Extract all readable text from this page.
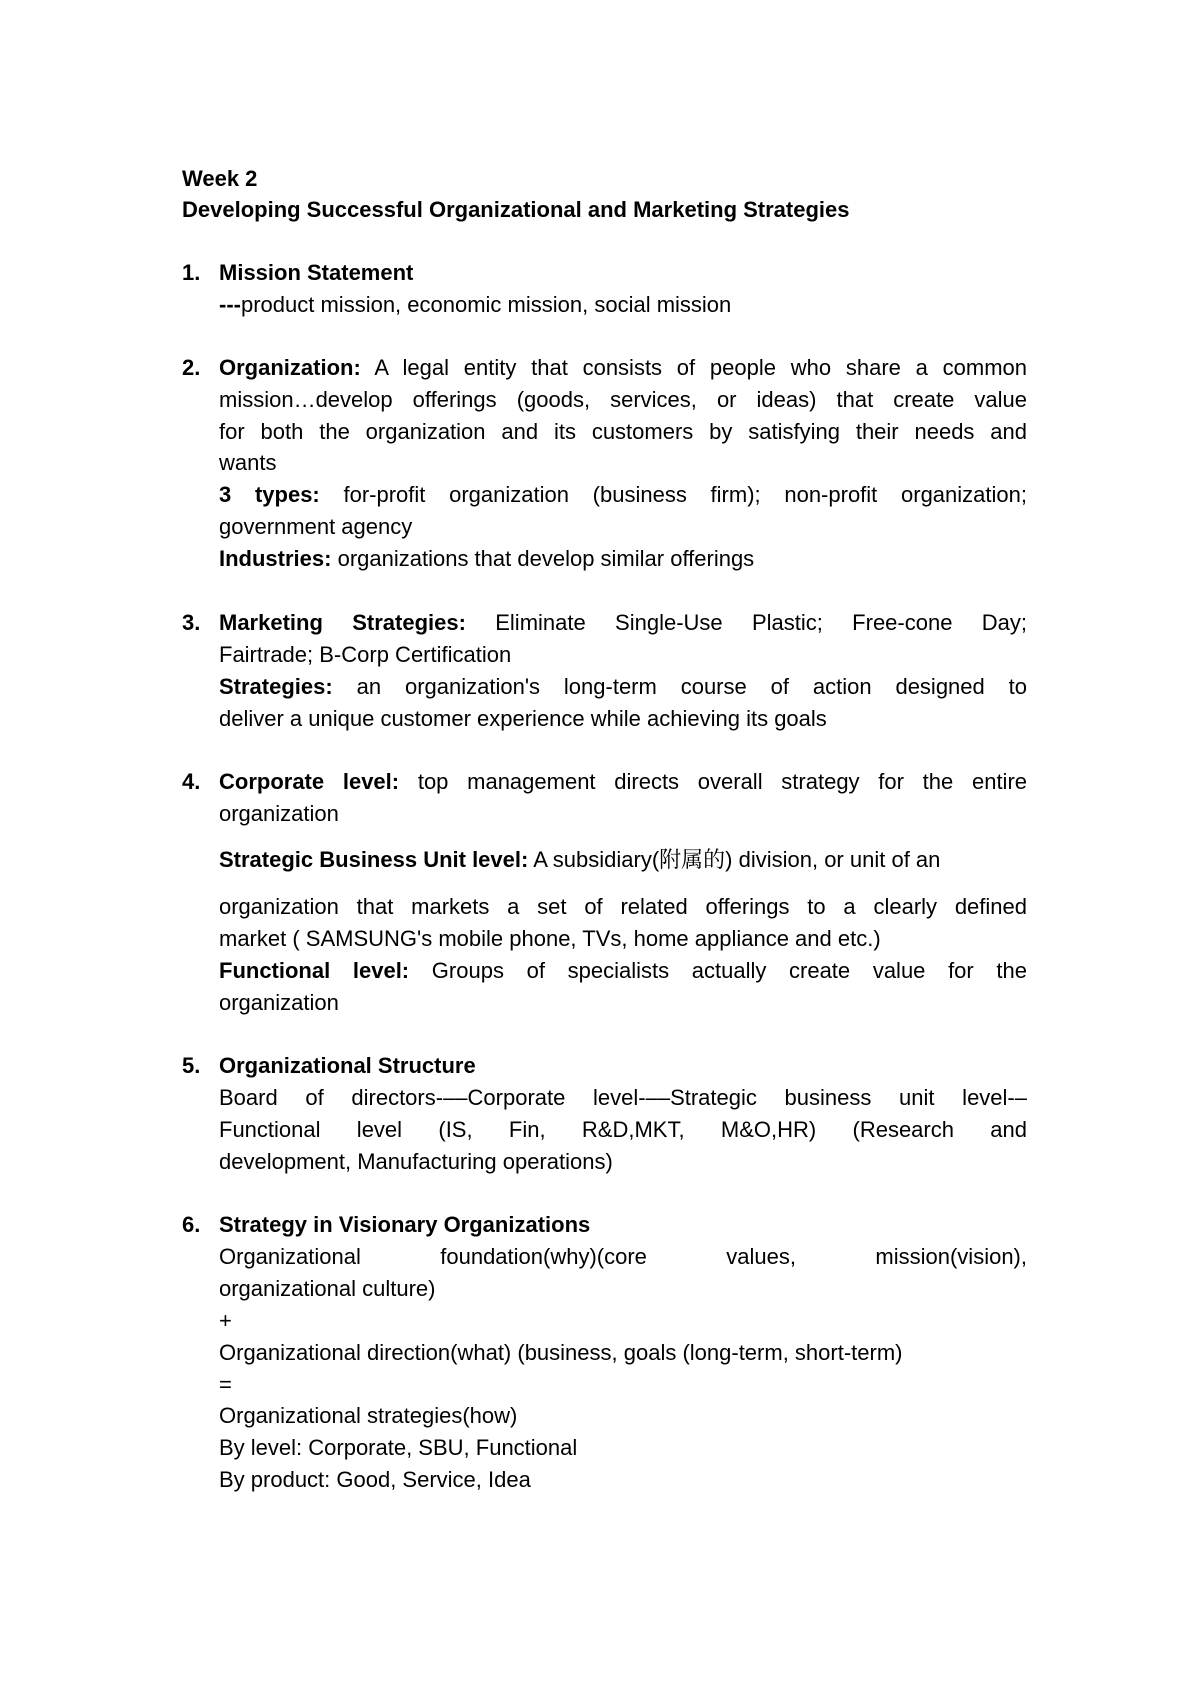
Week 2
Developing Successful Organizational and Marketing Strategies
1. Mission Statement
---product mission, economic mission, social mission
2. Organization: A legal entity that consists of people who share a common
mission…develop offerings (goods, services, or ideas) that create value
for both the organization and its customers by satisfying their needs and
wants
3 types: for-profit organization (business firm); non-profit organization;
government agency
Industries: organizations that develop similar offerings
3. Marketing Strategies: Eliminate Single-Use Plastic; Free-cone Day;
Fairtrade; B-Corp Certification
Strategies: an organization's long-term course of action designed to
deliver a unique customer experience while achieving its goals
4. Corporate level: top management directs overall strategy for the entire
organization
Strategic Business Unit level: A subsidiary(附属的) division, or unit of an
organization that markets a set of related offerings to a clearly defined
market ( SAMSUNG's mobile phone, TVs, home appliance and etc.)
Functional level: Groups of specialists actually create value for the
organization
5. Organizational Structure
Board of directors-––Corporate level-––Strategic business unit level-–
Functional level (IS, Fin, R&D,MKT, M&O,HR) (Research and
development, Manufacturing operations)
6. Strategy in Visionary Organizations
Organizational foundation(why)(core values, mission(vision),
organizational culture)
+
Organizational direction(what) (business, goals (long-term, short-term)
=
Organizational strategies(how)
By level: Corporate, SBU, Functional
By product: Good, Service, Idea
